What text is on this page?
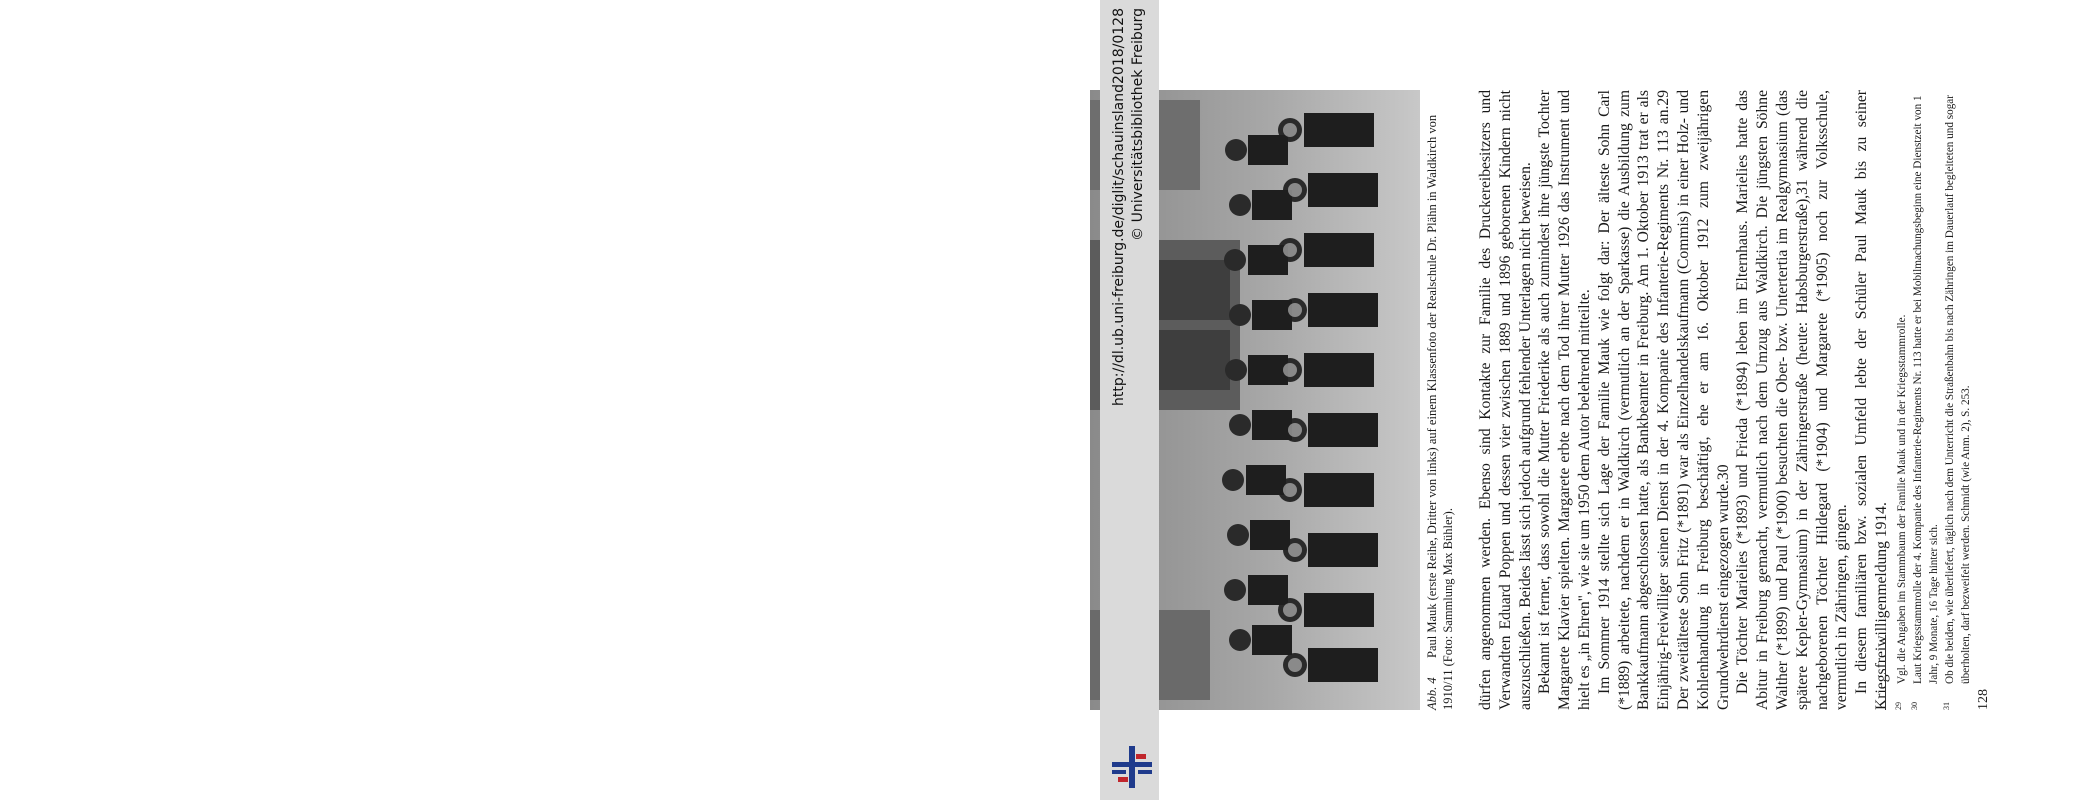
Abb. 4Paul Mauk (erste Reihe, Dritter von links) auf einem Klassenfoto der Realschule Dr. Plähn in Waldkirch von 1910/11 (Foto: Sammlung Max Bühler). dürfen angenommen werden. Ebenso sind Kontakte zur Familie des Druckereibesitzers und Verwandten Eduard Poppen und dessen vier zwischen 1889 und 1896 geborenen Kindern nicht auszuschließen. Beides lässt sich jedoch aufgrund fehlender Unterlagen nicht beweisen. Bekannt ist ferner, dass sowohl die Mutter Friederike als auch zumindest ihre jüngste Tochter Margarete Klavier spielten. Margarete erbte nach dem Tod ihrer Mutter 1926 das Instrument und hielt es „in Ehren", wie sie um 1950 dem Autor belehrend mitteilte. Im Sommer 1914 stellte sich Lage der Familie Mauk wie folgt dar: Der älteste Sohn Carl (*1889) arbeitete, nachdem er in Waldkirch (vermutlich an der Sparkasse) die Ausbildung zum Bankkaufmann abgeschlossen hatte, als Bankbeamter in Freiburg. Am 1. Oktober 1913 trat er als Einjährig-Freiwilliger seinen Dienst in der 4. Kompanie des Infanterie-Regiments Nr. 113 an.29 Der zweitälteste Sohn Fritz (*1891) war als Einzelhandelskaufmann (Commis) in einer Holz- und Kohlenhandlung in Freiburg beschäftigt, ehe er am 16. Oktober 1912 zum zweijährigen Grundwehrdienst eingezogen wurde.30 Die Töchter Marielies (*1893) und Frieda (*1894) leben im Elternhaus. Marielies hatte das Abitur in Freiburg gemacht, vermutlich nach dem Umzug aus Waldkirch. Die jüngsten Söhne Walther (*1899) und Paul (*1900) besuchten die Ober- bzw. Untertertia im Realgymnasium (das spätere Kepler-Gymnasium) in der Zähringerstraße (heute: Habsburgerstraße),31 während die nachgeborenen Töchter Hildegard (*1904) und Margarete (*1905) noch zur Volksschule, vermutlich in Zähringen, gingen. In diesem familiären bzw. sozialen Umfeld lebte der Schüler Paul Mauk bis zu seiner Kriegsfreiwilligenmeldung 1914. 29
Vgl. die Angaben im Stammbaum der Familie Mauk und in der Kriegsstammrolle.
30
Laut Kriegsstammrolle der 4. Kompanie des Infanterie-Regiments Nr. 113 hatte er bei Mobilmachungsbeginn eine Dienstzeit von 1 Jahr, 9 Monate, 16 Tage hinter sich.
31
Ob die beiden, wie überliefert, täglich nach dem Unterricht die Straßenbahn bis nach Zähringen im Dauerlauf begleiteten und sogar überholten, darf bezweifelt werden. Schmidt (wie Anm. 2), S. 253.
128
http://dl.ub.uni-freiburg.de/diglit/schauinsland2018/0128 © Universitätsbibliothek Freiburg
